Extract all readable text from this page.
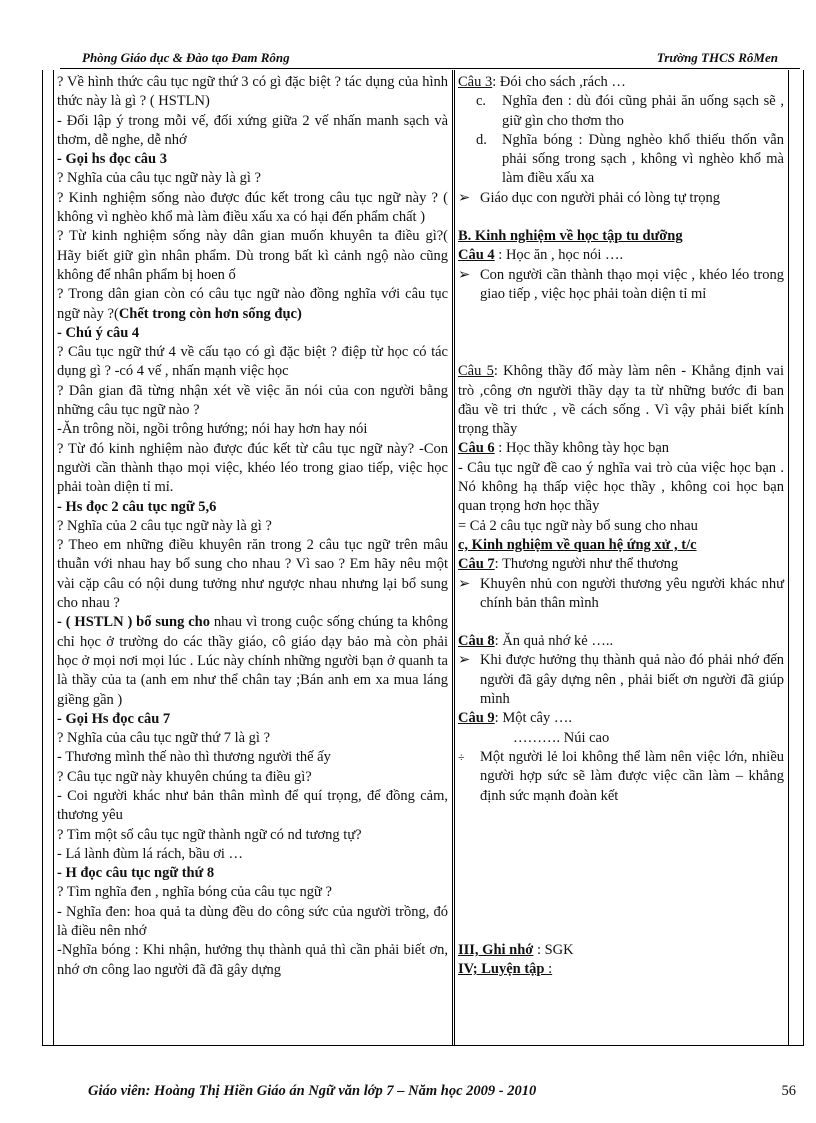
Phòng Giáo dục & Đào tạo Đam Rông	Trường THCS RôMen

? Về hình thức câu tục ngữ thứ 3 có gì đặc biệt ? tác dụng của hình thức này là gì ? ( HSTLN)

- Đối lập ý trong mỗi vế, đối xứng giữa 2 vế nhấn manh sạch và thơm, dễ nghe, dễ nhớ

- Gọi hs đọc câu 3

? Nghĩa của câu tục ngữ này là gì ?

? Kinh nghiệm sống nào được đúc kết trong câu tục ngữ này ? ( không vì nghèo khổ mà làm điều xấu xa có hại đến phẩm chất )

? Từ kinh nghiệm sống này dân gian muốn khuyên ta điều gì?( Hãy biết giữ gìn nhân phẩm. Dù trong bất kì cảnh ngộ nào cũng không để nhân phẩm bị hoen ố

? Trong dân gian còn có câu tục ngữ nào đồng nghĩa với câu tục ngữ này ?(Chết trong còn hơn sống đục)

- Chú ý câu 4

? Câu tục ngữ thứ 4 về cấu tạo có gì đặc biệt ? điệp từ học có tác dụng gì ? -có 4 vế , nhấn mạnh việc học

? Dân gian đã từng nhận xét về việc ăn nói của con người bằng những câu tục ngữ nào ?

-Ăn trông nồi, ngồi trông hướng; nói hay hơn hay nói

? Từ đó kinh nghiệm nào được đúc kết từ câu tục ngữ này? -Con người cần thành thạo mọi việc, khéo léo trong giao tiếp, việc học phải toàn diện tỉ mỉ.

- Hs đọc 2 câu tục ngữ 5,6

? Nghĩa của 2 câu tục ngữ này là gì ?

? Theo em những điều khuyên răn trong 2 câu tục ngữ trên mâu thuẫn với nhau hay bổ sung cho nhau ? Vì sao ? Em hãy nêu một vài cặp câu có nội dung tưởng như ngược nhau nhưng lại bổ sung cho nhau ?

- ( HSTLN ) bổ sung cho nhau vì trong cuộc sống chúng ta không chỉ học ở trường do các thầy giáo, cô giáo dạy bảo mà còn phải học ở mọi nơi mọi lúc . Lúc này chính những người bạn ở quanh ta là thầy của ta (anh em như thể chân tay ;Bán anh em xa mua láng giềng gần )

- Gọi Hs đọc câu 7

? Nghĩa của câu tục ngữ thứ 7 là gì ?

- Thương mình thế nào thì thương người thế ấy

? Câu tục ngữ này khuyên chúng ta điều gì?

- Coi người khác như bản thân mình để quí trọng, để đồng cảm, thương yêu

? Tìm một số câu tục ngữ thành ngữ có nd tương tự?

- Lá lành đùm lá rách, bầu ơi …

- H đọc câu tục ngữ thứ 8

? Tìm nghĩa đen , nghĩa bóng của câu tục ngữ ?

- Nghĩa đen: hoa quả ta dùng đều do công sức của người trồng, đó là điều nên nhớ

-Nghĩa bóng : Khi nhận, hưởng thụ thành quả thì cần phải biết ơn, nhớ ơn công lao người đã đã gây dựng

Câu 3: Đói cho sách ,rách …

c.	Nghĩa đen : dù đói cũng phải ăn uống sạch sẽ , giữ gìn cho thơm tho

d.	Nghĩa bóng : Dùng nghèo khổ thiếu thốn vẫn phải sống trong sạch , không vì nghèo khổ mà làm điều xấu xa

➢ Giáo dục con người phải có lòng tự trọng

B. Kinh nghiệm về học tập tu dưỡng

Câu 4 : Học ăn , học nói ….

➢ Con người cần thành thạo mọi việc , khéo léo trong giao tiếp , việc học phải toàn diện tỉ mỉ

Câu 5: Không thầy đố mày làm nên - Khẳng định vai trò ,công ơn người thầy dạy ta từ những bước đi ban đầu về tri thức , về cách sống . Vì vậy phải biết kính trọng thầy

Câu 6 : Học thầy không tày học bạn

- Câu tục ngữ đề cao ý nghĩa vai trò của việc học bạn . Nó không hạ thấp việc học thầy , không coi học bạn quan trọng hơn học thầy

= Cả 2 câu tục ngữ này bổ sung cho nhau

c, Kinh nghiệm về quan hệ ứng xử , t/c

Câu 7: Thương người như thể thương

➢ Khuyên nhủ con người thương yêu người khác như chính bản thân mình

Câu 8: Ăn quả nhớ kẻ …..

➢ Khi được hưởng thụ thành quả nào đó phải nhớ đến người đã gây dựng nên , phải biết ơn người đã giúp mình

Câu 9: Một cây ….

………. Núi cao

÷	Một người lẻ loi không thể làm nên việc lớn, nhiều người hợp sức sẽ làm được việc cần làm – khẳng định sức mạnh đoàn kết

III, Ghi nhớ : SGK

IV; Luyện tập :

Giáo viên: Hoàng Thị Hiền Giáo án Ngữ văn lớp 7 – Năm học 2009 - 2010	56
